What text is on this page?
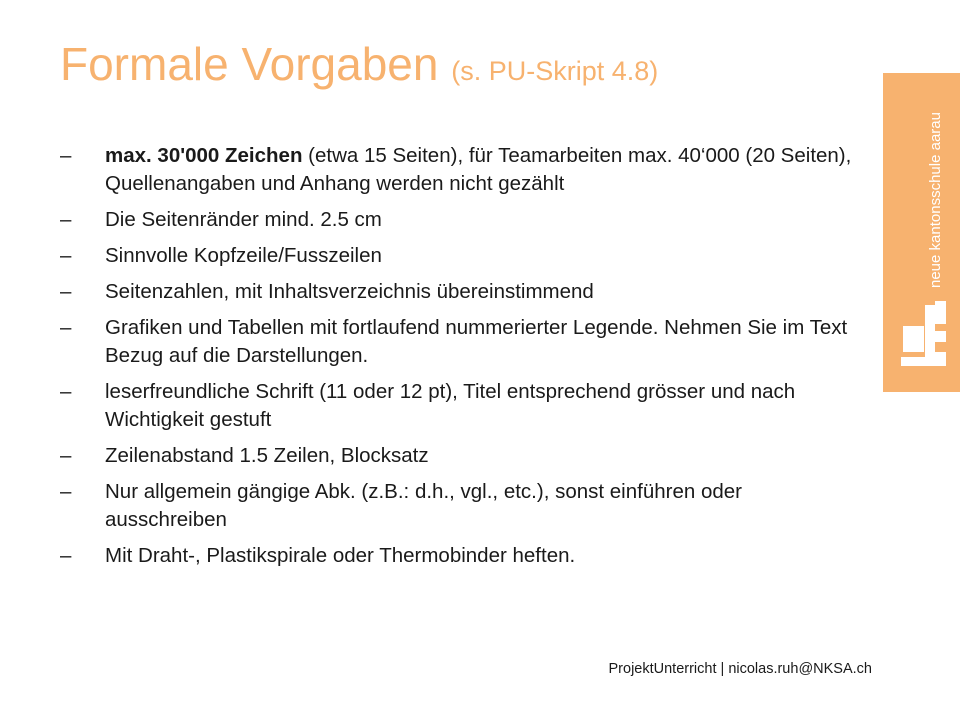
Formale Vorgaben (s. PU-Skript 4.8)
– max. 30'000 Zeichen (etwa 15 Seiten), für Teamarbeiten max. 40‘000 (20 Seiten), Quellenangaben und Anhang werden nicht gezählt
– Die Seitenränder mind. 2.5 cm
– Sinnvolle Kopfzeile/Fusszeilen
– Seitenzahlen, mit Inhaltsverzeichnis übereinstimmend
– Grafiken und Tabellen mit fortlaufend nummerierter Legende. Nehmen Sie im Text Bezug auf die Darstellungen.
– leserfreundliche Schrift (11 oder 12 pt), Titel entsprechend grösser und nach Wichtigkeit gestuft
– Zeilenabstand 1.5 Zeilen, Blocksatz
– Nur allgemein gängige Abk. (z.B.: d.h., vgl., etc.), sonst einführen oder ausschreiben
– Mit Draht-, Plastikspirale oder Thermobinder heften.
neue kantonsschule aarau
ProjektUnterricht | nicolas.ruh@NKSA.ch
